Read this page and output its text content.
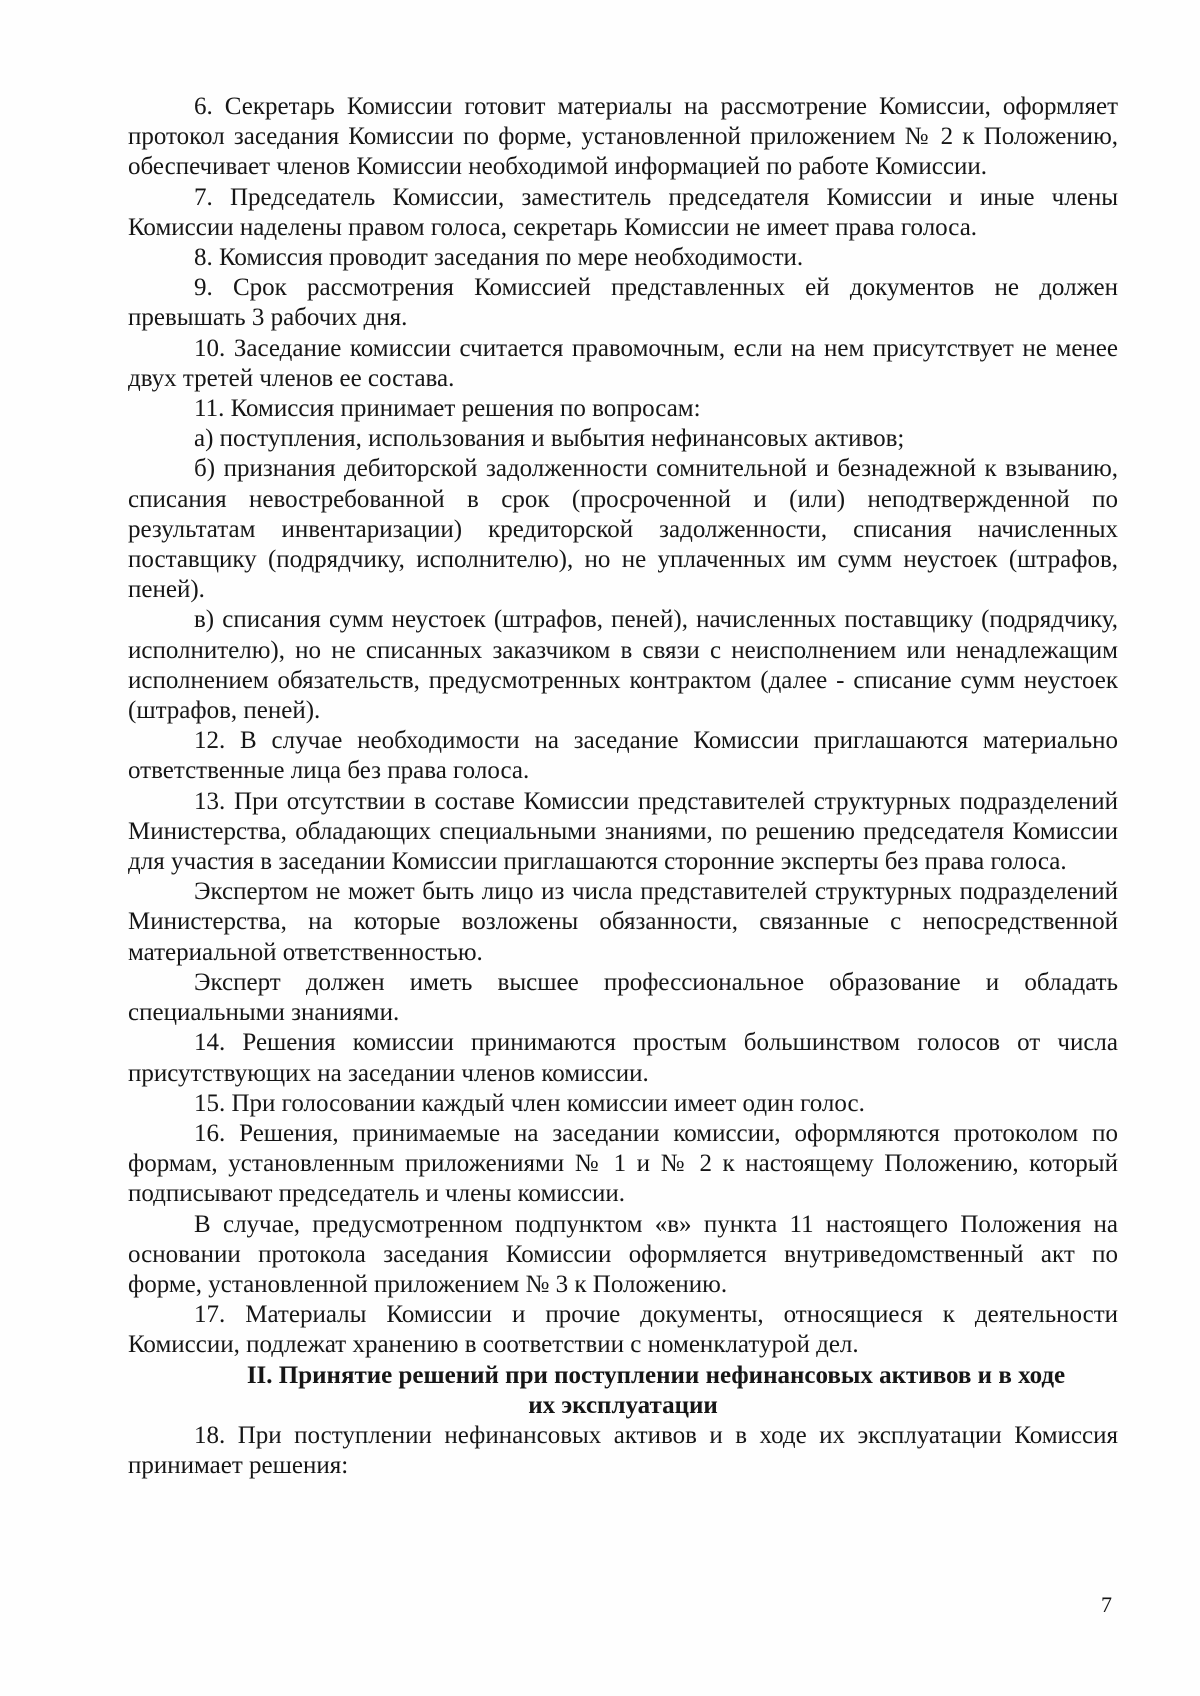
6. Секретарь Комиссии готовит материалы на рассмотрение Комиссии, оформляет протокол заседания Комиссии по форме, установленной приложением № 2 к Положению, обеспечивает членов Комиссии необходимой информацией по работе Комиссии.

7. Председатель Комиссии, заместитель председателя Комиссии и иные члены Комиссии наделены правом голоса, секретарь Комиссии не имеет права голоса.

8. Комиссия проводит заседания по мере необходимости.

9. Срок рассмотрения Комиссией представленных ей документов не должен превышать 3 рабочих дня.

10. Заседание комиссии считается правомочным, если на нем присутствует не менее двух третей членов ее состава.

11. Комиссия принимает решения по вопросам:

а) поступления, использования и выбытия нефинансовых активов;

б) признания дебиторской задолженности сомнительной и безнадежной к взыванию, списания невостребованной в срок (просроченной и (или) неподтвержденной по результатам инвентаризации) кредиторской задолженности, списания начисленных поставщику (подрядчику, исполнителю), но не уплаченных им сумм неустоек (штрафов, пеней).

в) списания сумм неустоек (штрафов, пеней), начисленных поставщику (подрядчику, исполнителю), но не списанных заказчиком в связи с неисполнением или ненадлежащим исполнением обязательств, предусмотренных контрактом (далее - списание сумм неустоек (штрафов, пеней).

12. В случае необходимости на заседание Комиссии приглашаются материально ответственные лица без права голоса.

13. При отсутствии в составе Комиссии представителей структурных подразделений Министерства, обладающих специальными знаниями, по решению председателя Комиссии для участия в заседании Комиссии приглашаются сторонние эксперты без права голоса.

Экспертом не может быть лицо из числа представителей структурных подразделений Министерства, на которые возложены обязанности, связанные с непосредственной материальной ответственностью.

Эксперт должен иметь высшее профессиональное образование и обладать специальными знаниями.

14. Решения комиссии принимаются простым большинством голосов от числа присутствующих на заседании членов комиссии.

15. При голосовании каждый член комиссии имеет один голос.

16. Решения, принимаемые на заседании комиссии, оформляются протоколом по формам, установленным приложениями № 1 и № 2 к настоящему Положению, который подписывают председатель и члены комиссии.

В случае, предусмотренном подпунктом «в» пункта 11 настоящего Положения на основании протокола заседания Комиссии оформляется внутриведомственный акт по форме, установленной приложением № 3 к Положению.

17. Материалы Комиссии и прочие документы, относящиеся к деятельности Комиссии, подлежат хранению в соответствии с номенклатурой дел.

II. Принятие решений при поступлении нефинансовых активов и в ходе их эксплуатации

18. При поступлении нефинансовых активов и в ходе их эксплуатации Комиссия принимает решения:

7
